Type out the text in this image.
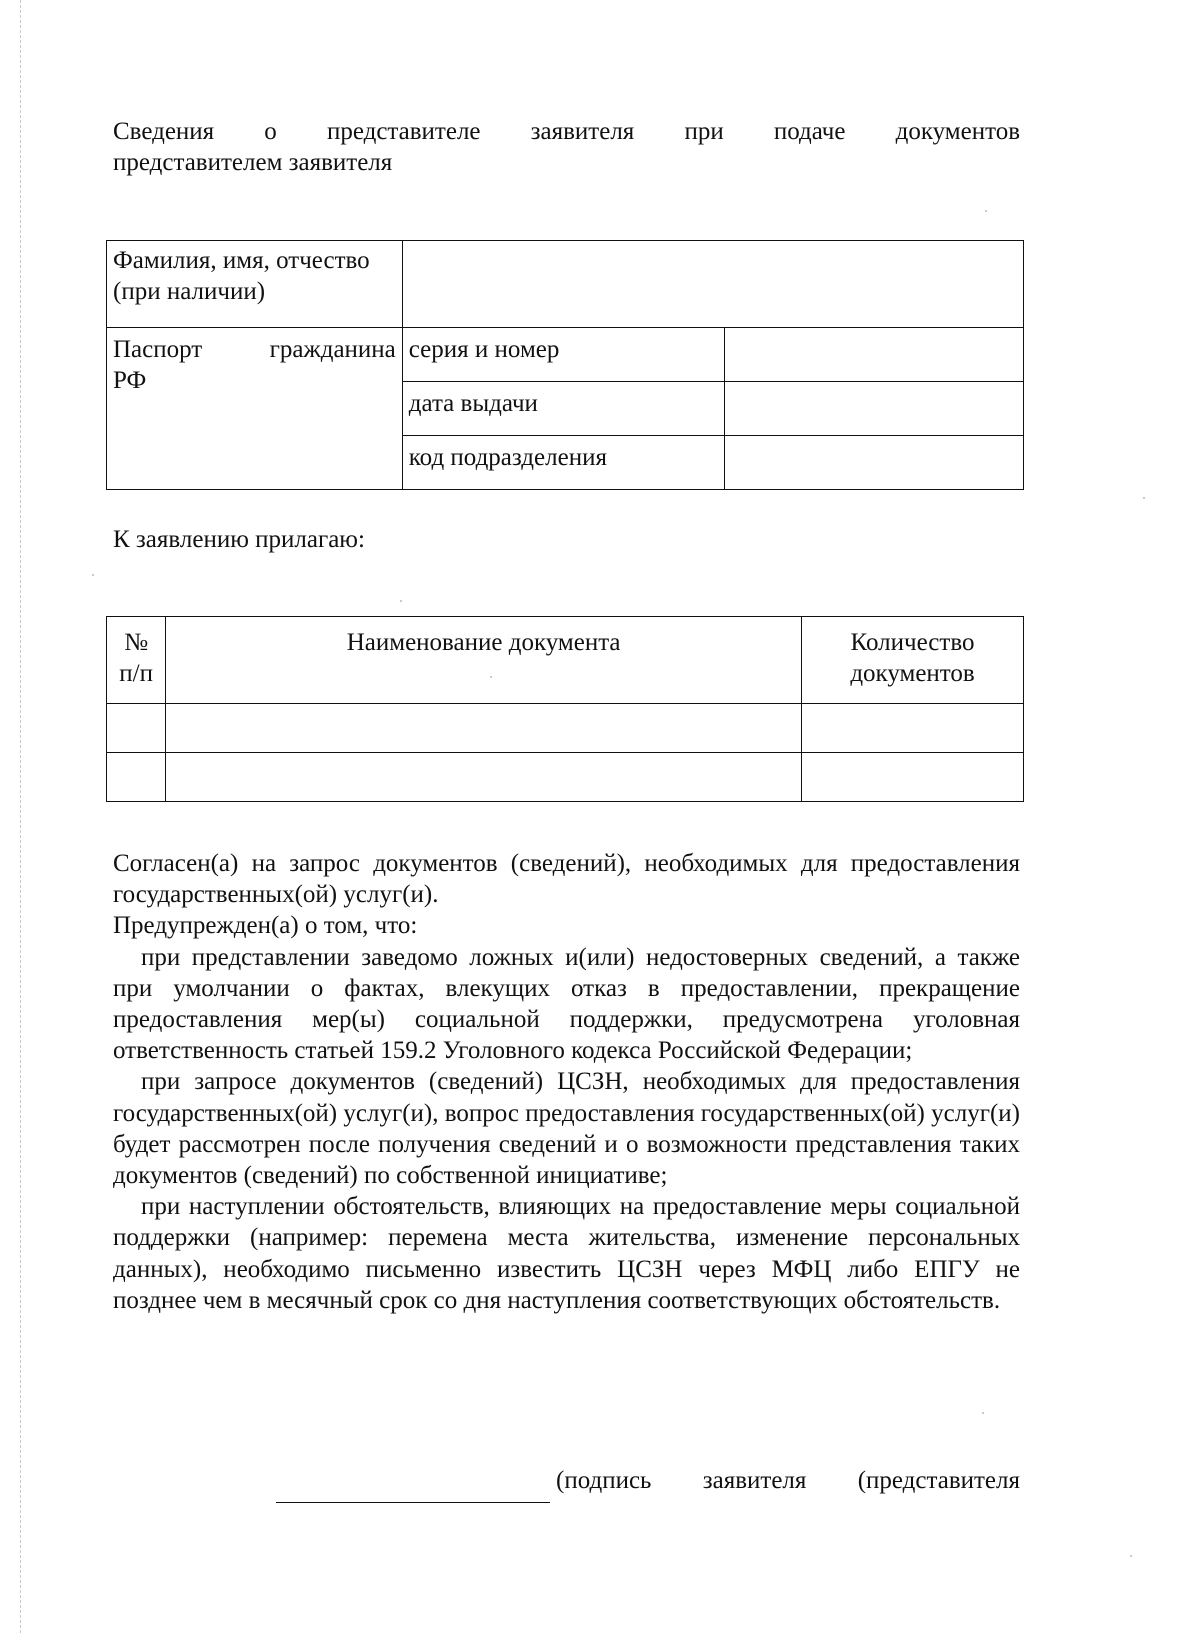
Сведения о представителе заявителя при подаче документов
представителем заявителя
Фамилия, имя, отчество (при наличии)		

Паспорт гражданина
РФ	серия и номер	
	дата выдачи	
	код подразделения	
К заявлению прилагаю:
№ п/п	Наименование документа	Количество документов

Согласен(а) на запрос документов (сведений), необходимых для предоставления государственных(ой) услуг(и).

Предупрежден(а) о том, что:

при представлении заведомо ложных и(или) недостоверных сведений, а также при умолчании о фактах, влекущих отказ в предоставлении, прекращение предоставления мер(ы) социальной поддержки, предусмотрена уголовная ответственность статьей 159.2 Уголовного кодекса Российской Федерации;

при запросе документов (сведений) ЦСЗН, необходимых для предоставления государственных(ой) услуг(и), вопрос предоставления государственных(ой) услуг(и) будет рассмотрен после получения сведений и о возможности представления таких документов (сведений) по собственной инициативе;

при наступлении обстоятельств, влияющих на предоставление меры социальной поддержки (например: перемена места жительства, изменение персональных данных), необходимо письменно известить ЦСЗН через МФЦ либо ЕПГУ не позднее чем в месячный срок со дня наступления соответствующих обстоятельств.

(подпись заявителя (представителя
